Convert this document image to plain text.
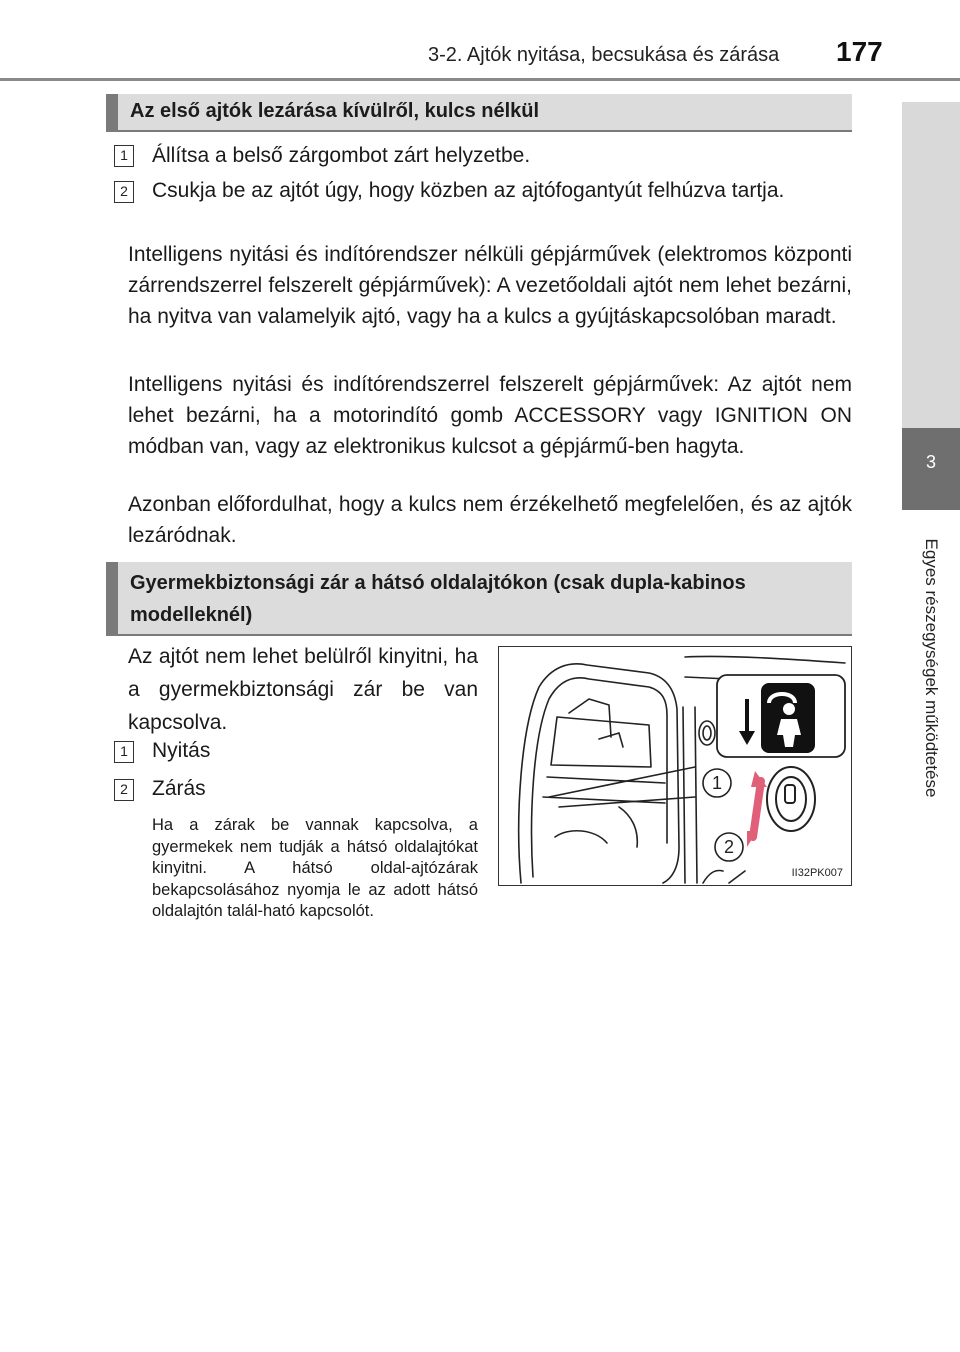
3-2. Ajtók nyitása, becsukása és zárása 177
3
Egyes részegységek működtetése
Az első ajtók lezárása kívülről, kulcs nélkül
1 Állítsa a belső zárgombot zárt helyzetbe.
2 Csukja be az ajtót úgy, hogy közben az ajtófogantyút felhúzva tartja.
Intelligens nyitási és indítórendszer nélküli gépjárművek (elektromos központi zárrendszerrel felszerelt gépjárművek): A vezetőoldali ajtót nem lehet bezárni, ha nyitva van valamelyik ajtó, vagy ha a kulcs a gyújtáskapcsolóban maradt.
Intelligens nyitási és indítórendszerrel felszerelt gépjárművek: Az ajtót nem lehet bezárni, ha a motorindító gomb ACCESSORY vagy IGNITION ON módban van, vagy az elektronikus kulcsot a gépjármű-ben hagyta.
Azonban előfordulhat, hogy a kulcs nem érzékelhető megfelelően, és az ajtók lezáródnak.
Gyermekbiztonsági zár a hátsó oldalajtókon (csak dupla-kabinos modelleknél)
Az ajtót nem lehet belülről kinyitni, ha a gyermekbiztonsági zár be van kapcsolva.
1 Nyitás
2 Zárás
Ha a zárak be vannak kapcsolva, a gyermekek nem tudják a hátsó oldalajtókat kinyitni. A hátsó oldal-ajtózárak bekapcsolásához nyomja le az adott hátsó oldalajtón talál-ható kapcsolót.
1
2
II32PK007
